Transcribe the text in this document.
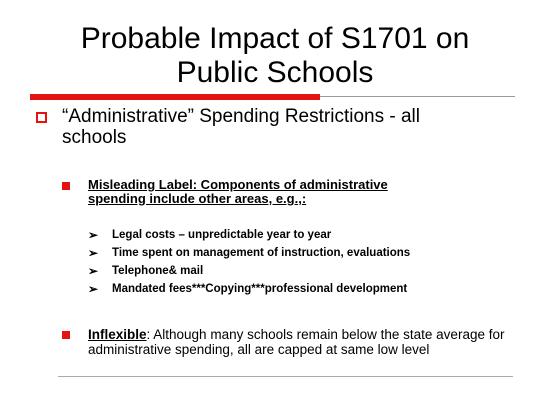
Probable Impact of S1701 on
Public Schools
“Administrative” Spending Restrictions - all
schools
Misleading Label: Components of administrative
spending include other areas, e.g.,:
➢	Legal costs – unpredictable year to year
➢	Time spent on management of instruction, evaluations
➢	Telephone& mail
➢	Mandated fees***Copying***professional development
Inflexible: Although many schools remain below the state average for administrative spending, all are capped at same low level
